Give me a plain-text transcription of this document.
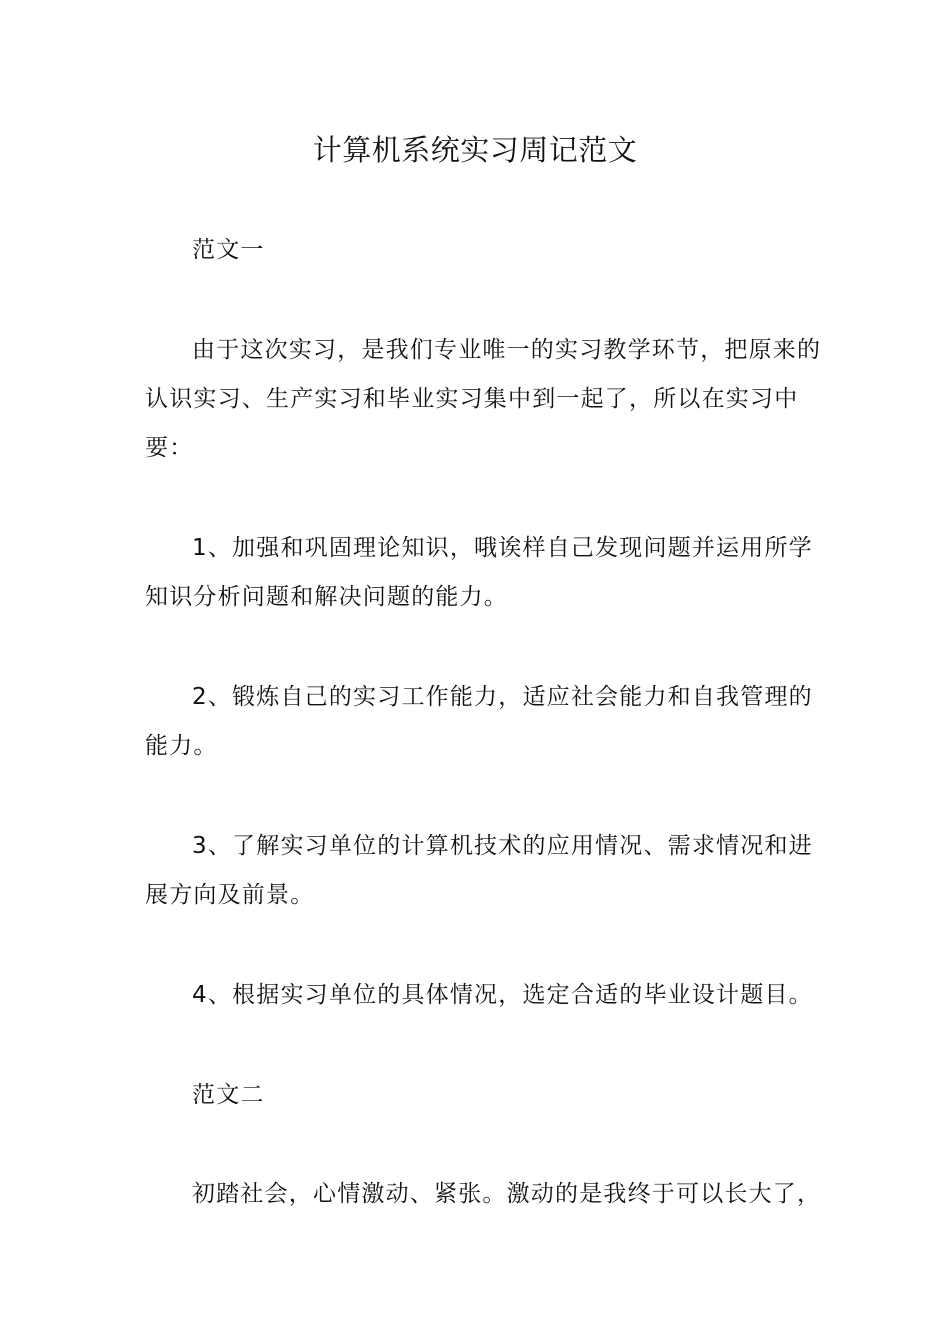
计算机系统实习周记范文

范文一

由于这次实习，是我们专业唯一的实习教学环节，把原来的认识实习、生产实习和毕业实习集中到一起了，所以在实习中要：

1、加强和巩固理论知识，哦诶样自己发现问题并运用所学知识分析问题和解决问题的能力。

2、锻炼自己的实习工作能力，适应社会能力和自我管理的能力。

3、了解实习单位的计算机技术的应用情况、需求情况和进展方向及前景。

4、根据实习单位的具体情况，选定合适的毕业设计题目。

范文二

初踏社会，心情激动、紧张。激动的是我终于可以长大了，
